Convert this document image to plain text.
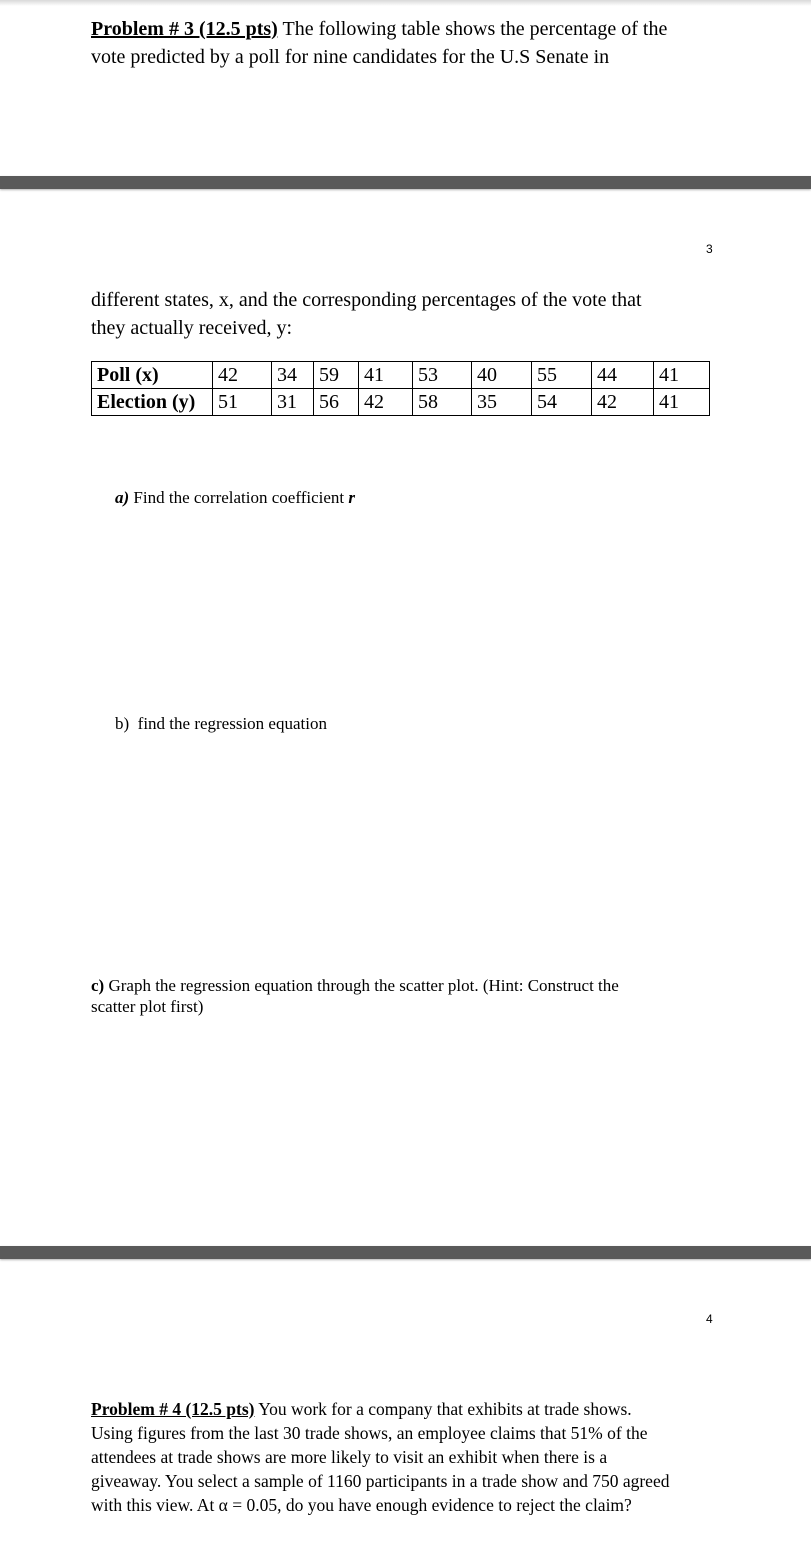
Problem # 3 (12.5 pts) The following table shows the percentage of the
vote predicted by a poll for nine candidates for the U.S Senate in
3
different states, x, and the corresponding percentages of the vote that
they actually received, y:
Poll (x)	42	34	59	41	53	40	55	44	41
Election (y)	51	31	56	42	58	35	54	42	41
a) Find the correlation coefficient r
b)  find the regression equation
c) Graph the regression equation through the scatter plot. (Hint: Construct the
scatter plot first)
4
Problem # 4 (12.5 pts) You work for a company that exhibits at trade shows.
Using figures from the last 30 trade shows, an employee claims that 51% of the
attendees at trade shows are more likely to visit an exhibit when there is a
giveaway. You select a sample of 1160 participants in a trade show and 750 agreed
with this view. At α = 0.05, do you have enough evidence to reject the claim?
